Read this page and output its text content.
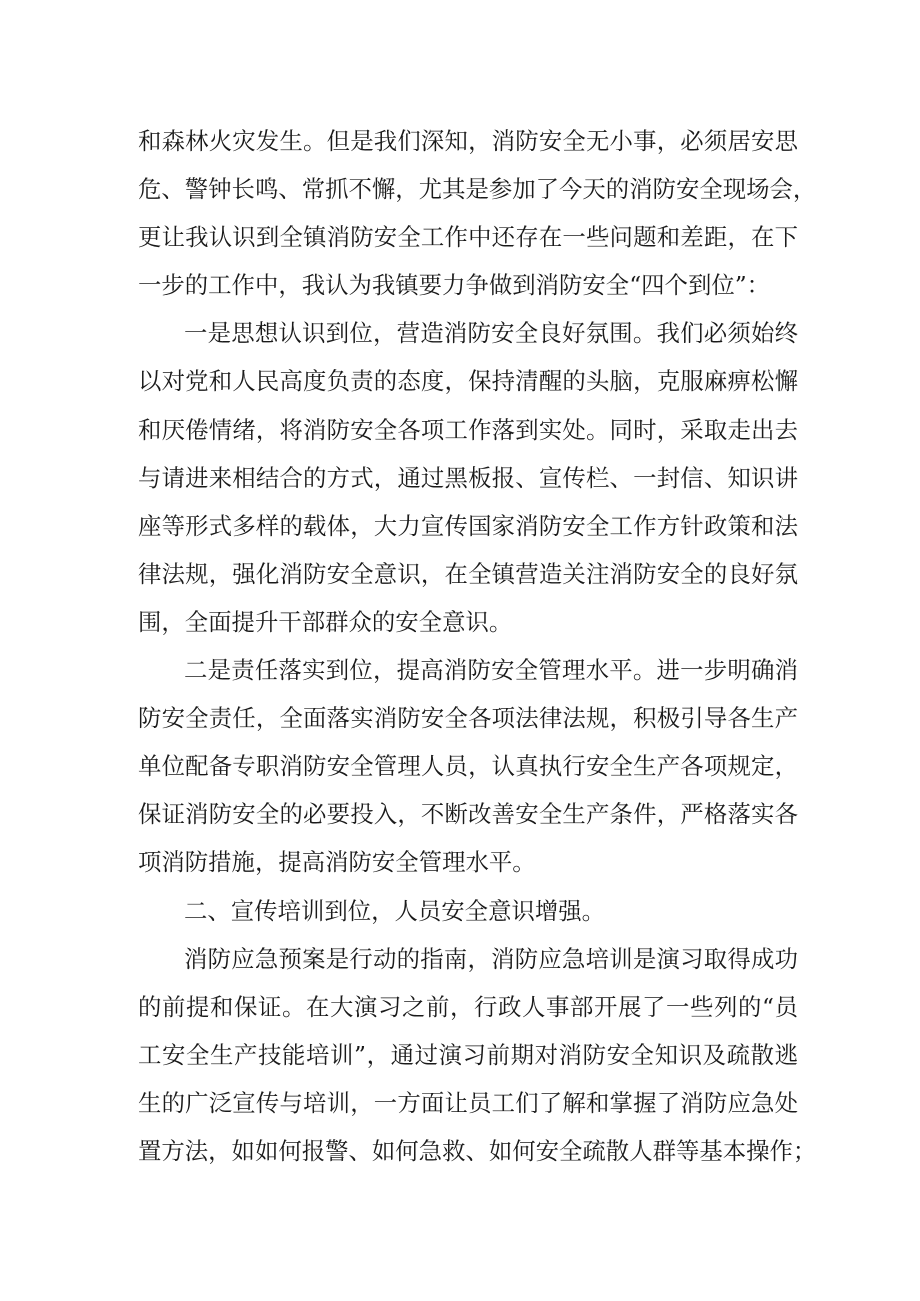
和森林火灾发生。但是我们深知，消防安全无小事，必须居安思
危、警钟长鸣、常抓不懈，尤其是参加了今天的消防安全现场会，
更让我认识到全镇消防安全工作中还存在一些问题和差距，在下
一步的工作中，我认为我镇要力争做到消防安全“四个到位”：
一是思想认识到位，营造消防安全良好氛围。我们必须始终
以对党和人民高度负责的态度，保持清醒的头脑，克服麻痹松懈
和厌倦情绪，将消防安全各项工作落到实处。同时，采取走出去
与请进来相结合的方式，通过黑板报、宣传栏、一封信、知识讲
座等形式多样的载体，大力宣传国家消防安全工作方针政策和法
律法规，强化消防安全意识，在全镇营造关注消防安全的良好氛
围，全面提升干部群众的安全意识。
二是责任落实到位，提高消防安全管理水平。进一步明确消
防安全责任，全面落实消防安全各项法律法规，积极引导各生产
单位配备专职消防安全管理人员，认真执行安全生产各项规定，
保证消防安全的必要投入，不断改善安全生产条件，严格落实各
项消防措施，提高消防安全管理水平。
二、宣传培训到位，人员安全意识增强。
消防应急预案是行动的指南，消防应急培训是演习取得成功
的前提和保证。在大演习之前，行政人事部开展了一些列的“员
工安全生产技能培训”，通过演习前期对消防安全知识及疏散逃
生的广泛宣传与培训，一方面让员工们了解和掌握了消防应急处
置方法，如如何报警、如何急救、如何安全疏散人群等基本操作；
